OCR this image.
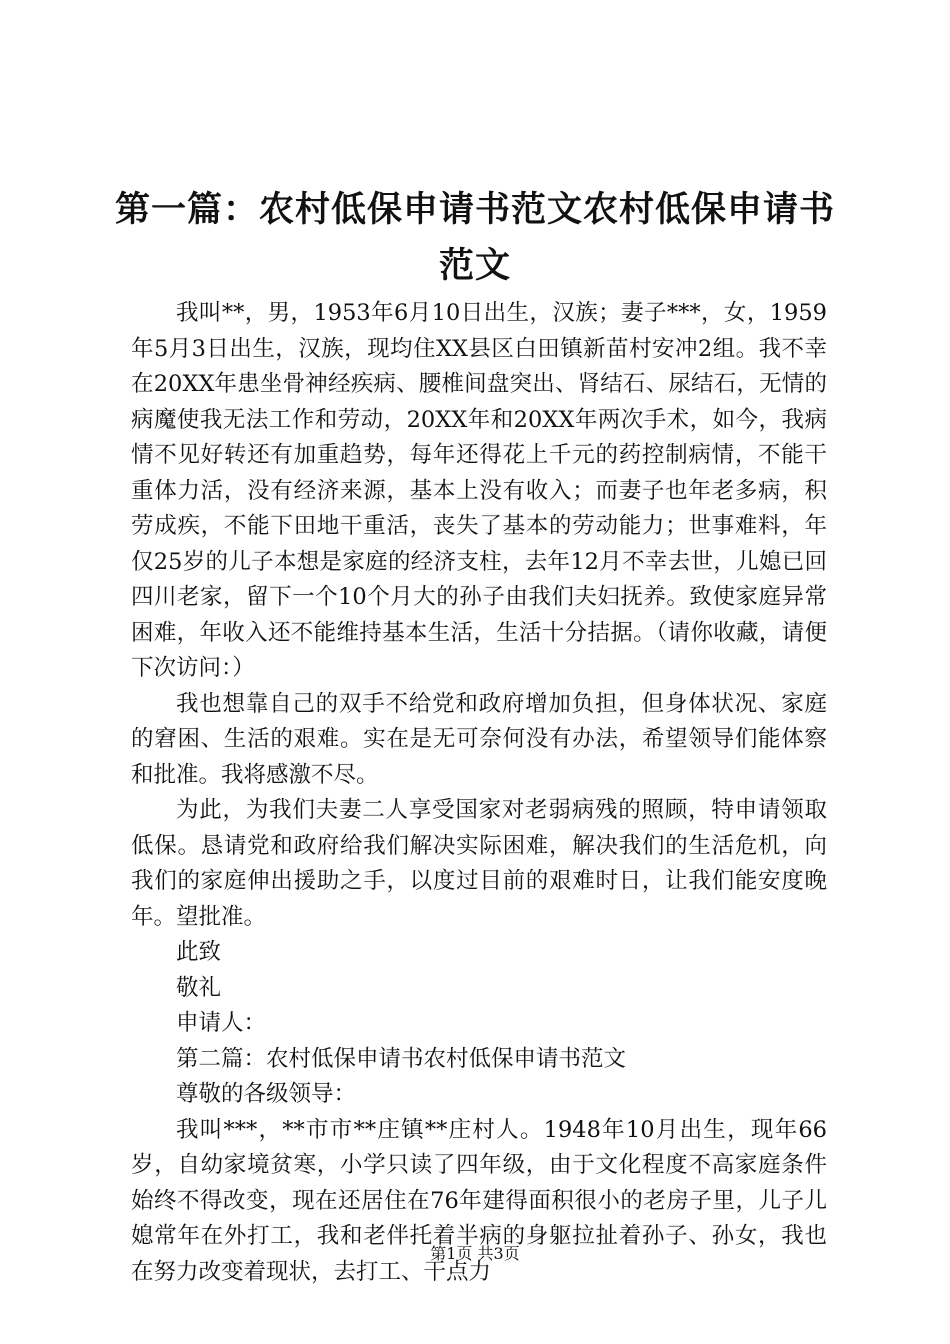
第一篇：农村低保申请书范文农村低保申请书范文

我叫**，男，1953年6月10日出生，汉族；妻子***，女，1959年5月3日出生，汉族，现均住XX县区白田镇新苗村安冲2组。我不幸在20XX年患坐骨神经疾病、腰椎间盘突出、肾结石、尿结石，无情的病魔使我无法工作和劳动，20XX年和20XX年两次手术，如今，我病情不见好转还有加重趋势，每年还得花上千元的药控制病情，不能干重体力活，没有经济来源，基本上没有收入；而妻子也年老多病，积劳成疾，不能下田地干重活，丧失了基本的劳动能力；世事难料，年仅25岁的儿子本想是家庭的经济支柱，去年12月不幸去世，儿媳已回四川老家，留下一个10个月大的孙子由我们夫妇抚养。致使家庭异常困难，年收入还不能维持基本生活，生活十分拮据。（请你收藏，请便下次访问：）

我也想靠自己的双手不给党和政府增加负担，但身体状况、家庭的窘困、生活的艰难。实在是无可奈何没有办法，希望领导们能体察和批准。我将感激不尽。

为此，为我们夫妻二人享受国家对老弱病残的照顾，特申请领取低保。恳请党和政府给我们解决实际困难，解决我们的生活危机，向我们的家庭伸出援助之手，以度过目前的艰难时日，让我们能安度晚年。望批准。

此致

敬礼

申请人：

第二篇：农村低保申请书农村低保申请书范文

尊敬的各级领导：

我叫***，**市市**庄镇**庄村人。1948年10月出生，现年66岁，自幼家境贫寒，小学只读了四年级，由于文化程度不高家庭条件始终不得改变，现在还居住在76年建得面积很小的老房子里，儿子儿媳常年在外打工，我和老伴托着半病的身躯拉扯着孙子、孙女，我也在努力改变着现状，去打工、干点力

第1页 共3页
